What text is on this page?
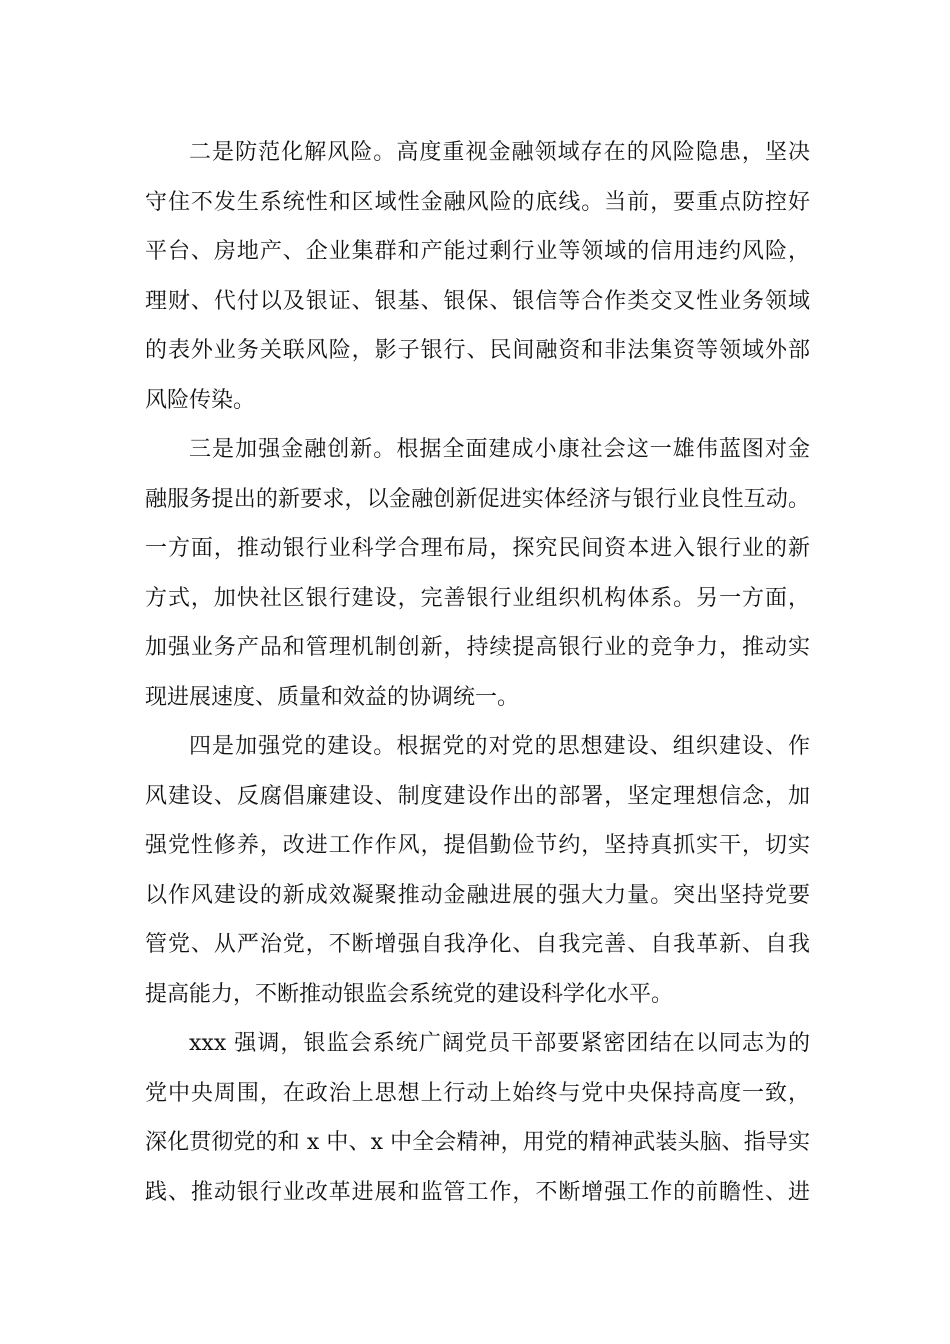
二是防范化解风险。高度重视金融领域存在的风险隐患，坚决
守住不发生系统性和区域性金融风险的底线。当前，要重点防控好
平台、房地产、企业集群和产能过剩行业等领域的信用违约风险，
理财、代付以及银证、银基、银保、银信等合作类交叉性业务领域
的表外业务关联风险，影子银行、民间融资和非法集资等领域外部
风险传染。
三是加强金融创新。根据全面建成小康社会这一雄伟蓝图对金
融服务提出的新要求，以金融创新促进实体经济与银行业良性互动。
一方面，推动银行业科学合理布局，探究民间资本进入银行业的新
方式，加快社区银行建设，完善银行业组织机构体系。另一方面，
加强业务产品和管理机制创新，持续提高银行业的竞争力，推动实
现进展速度、质量和效益的协调统一。
四是加强党的建设。根据党的对党的思想建设、组织建设、作
风建设、反腐倡廉建设、制度建设作出的部署，坚定理想信念，加
强党性修养，改进工作作风，提倡勤俭节约，坚持真抓实干，切实
以作风建设的新成效凝聚推动金融进展的强大力量。突出坚持党要
管党、从严治党，不断增强自我净化、自我完善、自我革新、自我
提高能力，不断推动银监会系统党的建设科学化水平。
xxx 强调，银监会系统广阔党员干部要紧密团结在以同志为的
党中央周围，在政治上思想上行动上始终与党中央保持高度一致，
深化贯彻党的和 x 中、x 中全会精神，用党的精神武装头脑、指导实
践、推动银行业改革进展和监管工作，不断增强工作的前瞻性、进
